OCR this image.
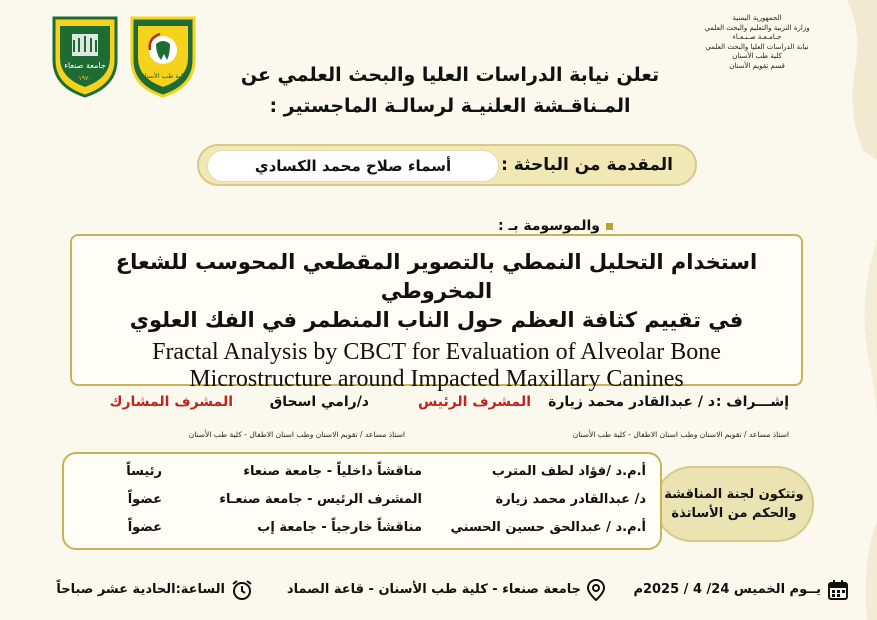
جامعة صنعاء
١٩٧٠	كلية طب الأسنان
الجمهورية اليمنية
وزارة التربية والتعليم والبحث العلمي
جـامـعـة صـنـعـاء
نيابة الدراسات العليا والبحث العلمي
كلية طب الأسنان
قسم تقويم الأسنان
تعلن نيابة الدراسات العليا والبحث العلمي عن
المـناقـشة العلنيـة لرسالـة الماجستير :
المقدمة من الباحثة :
أسماء صلاح محمد الكسادي
والموسومة بـ :
استخدام التحليل النمطي بالتصوير المقطعي المحوسب للشعاع المخروطي
في تقييم كثافة العظم حول الناب المنطمر في الفك العلوي
Fractal Analysis by CBCT for Evaluation of Alveolar Bone
Microstructure around Impacted Maxillary Canines
إشـــراف :
د / عبدالقادر محمد زيارة
المشرف الرئيس
د/رامي اسحاق
المشرف المشارك
استاذ مساعد / تقويم الاسنان وطب اسنان الاطفال - كلية طب الأسنان
استاذ مساعد / تقويم الاسنان وطب اسنان الاطفال - كلية طب الأسنان
وتتكون لجنة المناقشة
والحكم من الأساتذة
أ.م.د /فؤاد لطف المترب
مناقشاً داخلياً - جامعة صنعاء
رئيساً
د/ عبدالقادر محمد زيارة
المشرف الرئيس - جامعة صنعـاء
عضواً
أ.م.د / عبدالحق حسين الحسني
مناقشاً خارجياً - جامعة إب
عضواً
يــوم الخميس 24/ 4 / 2025م
جامعة صنعاء - كلية طب الأسنان - قاعة الصماد
الساعة:الحادية عشر صباحاً
